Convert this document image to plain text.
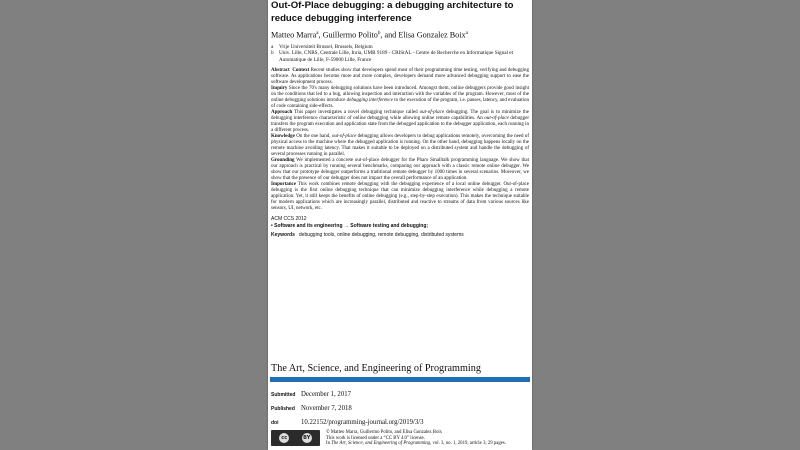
Out-Of-Place debugging: a debugging architecture to reduce debugging interference
Matteo Marra$^a$, Guillermo Polito$^b$, and Elisa Gonzalez Boix$^a$
a	Vrije Universiteit Brussel, Brussels, Belgium
b	Univ. Lille, CNRS, Centrale Lille, Inria, UMR 9189 - CRIStAL - Centre de Recherche en Informatique Signal et Automatique de Lille, F-59000 Lille, France

Abstract Context Recent studies show that developers spend most of their programming time testing, verifying and debugging software. As applications become more and more complex, developers demand more advanced debugging support to ease the software development process.

Inquiry Since the 70's many debugging solutions have been introduced. Amongst them, online debuggers provide good insight on the conditions that led to a bug, allowing inspection and interaction with the variables of the program. However, most of the online debugging solutions introduce debugging interference to the execution of the program, i.e. pauses, latency, and evaluation of code containing side-effects.

Approach This paper investigates a novel debugging technique called out-of-place debugging. The goal is to minimize the debugging interference characteristic of online debugging while allowing online remote capabilities. An out-of-place debugger transfers the program execution and application state from the debugged application to the debugger application, each running in a different process.

Knowledge On the one hand, out-of-place debugging allows developers to debug applications remotely, overcoming the need of physical access to the machine where the debugged application is running. On the other hand, debugging happens locally on the remote machine avoiding latency. That makes it suitable to be deployed on a distributed system and handle the debugging of several processes running in parallel.

Grounding We implemented a concrete out-of-place debugger for the Pharo Smalltalk programming language. We show that our approach is practical by running several benchmarks, comparing our approach with a classic remote online debugger. We show that our prototype debugger outperforms a traditional remote debugger by 1000 times in several scenarios. Moreover, we show that the presence of our debugger does not impact the overall performance of an application.

Importance This work combines remote debugging with the debugging experience of a local online debugger. Out-of-place debugging is the first online debugging technique that can minimize debugging interference while debugging a remote application. Yet, it still keeps the benefits of online debugging (e.g., step-by-step execution). This makes the technique suitable for modern applications which are increasingly parallel, distributed and reactive to streams of data from various sources like sensors, UI, network, etc.

ACM CCS 2012
• Software and its engineering → Software testing and debugging;
Keywords debugging tools, online debugging, remote debugging, distributed systems
The Art, Science, and Engineering of Programming
Submitted December 1, 2017
Published November 7, 2018
doi	10.22152/programming-journal.org/2019/3/3
cc	BY
© Matteo Marra, Guillermo Polito, and Elisa Gonzalez Boix
This work is licensed under a “CC BY 4.0” license.
In The Art, Science, and Engineering of Programming, vol. 3, no. 1, 2019, article 3; 29 pages.
